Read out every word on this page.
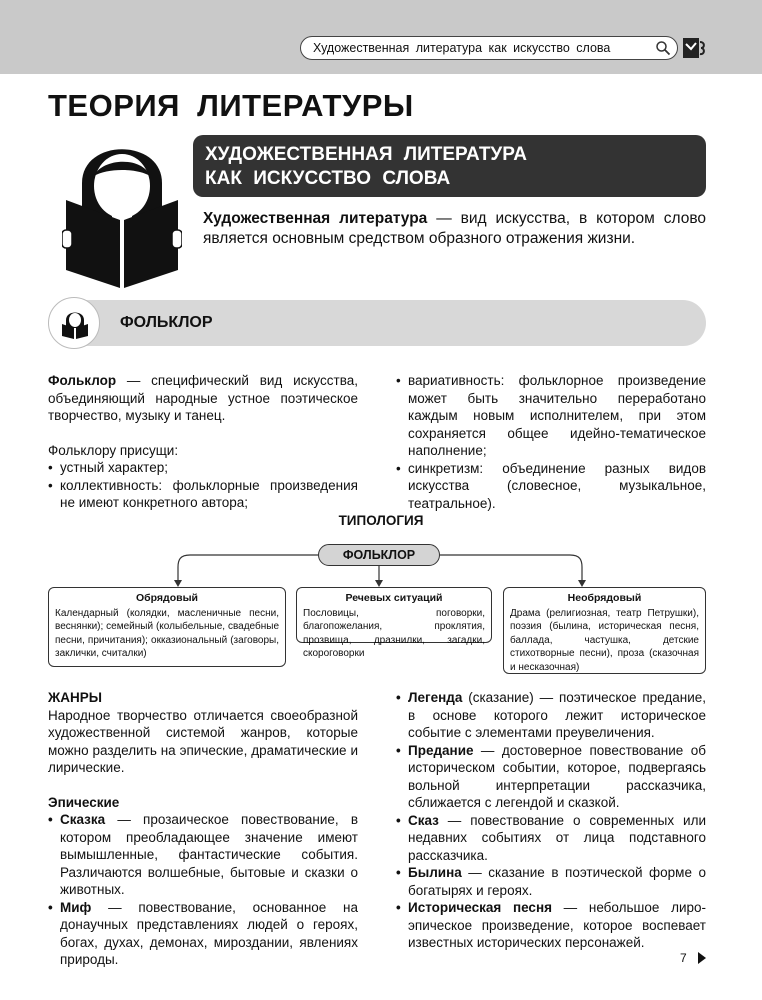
Художественная литература как искусство слова
ТЕОРИЯ ЛИТЕРАТУРЫ
ХУДОЖЕСТВЕННАЯ ЛИТЕРАТУРА
КАК ИСКУССТВО СЛОВА

Художественная литература — вид искусства, в котором слово является основным средством образного отражения жизни.

ФОЛЬКЛОР

Фольклор — специфический вид искусства, объединяющий народные устное поэтическое творчество, музыку и танец.

Фольклору присущи:

• устный характер;
• коллективность: фольклорные произведения не имеют конкретного автора;
• вариативность: фольклорное произведение может быть значительно переработано каждым новым исполнителем, при этом сохраняется общее идейно-тематическое наполнение;
• синкретизм: объединение разных видов искусства (словесное, музыкальное, театральное).
ТИПОЛОГИЯ
ФОЛЬКЛОР
Обрядовый
Календарный (колядки, масленичные песни, веснянки); семейный (колыбельные, свадебные песни, причитания); окказиональный (заговоры, заклички, считалки)
Речевых ситуаций
Пословицы, поговорки, благопожелания, проклятия, прозвища, дразнилки, загадки, скороговорки
Необрядовый
Драма (религиозная, театр Петрушки), поэзия (былина, историческая песня, баллада, частушка, детские стихотворные песни), проза (сказочная и несказочная)

ЖАНРЫ

Народное творчество отличается своеобразной художественной системой жанров, которые можно разделить на эпические, драматические и лирические.

Эпические

• Сказка — прозаическое повествование, в котором преобладающее значение имеют вымышленные, фантастические события. Различаются волшебные, бытовые и сказки о животных.
• Миф — повествование, основанное на донаучных представлениях людей о героях, богах, духах, демонах, мироздании, явлениях природы.
• Легенда (сказание) — поэтическое предание, в основе которого лежит историческое событие с элементами преувеличения.
• Предание — достоверное повествование об историческом событии, которое, подвергаясь вольной интерпретации рассказчика, сближается с легендой и сказкой.
• Сказ — повествование о современных или недавних событиях от лица подставного рассказчика.
• Былина — сказание в поэтической форме о богатырях и героях.
• Историческая песня — небольшое лиро-эпическое произведение, которое воспевает известных исторических персонажей.
7
